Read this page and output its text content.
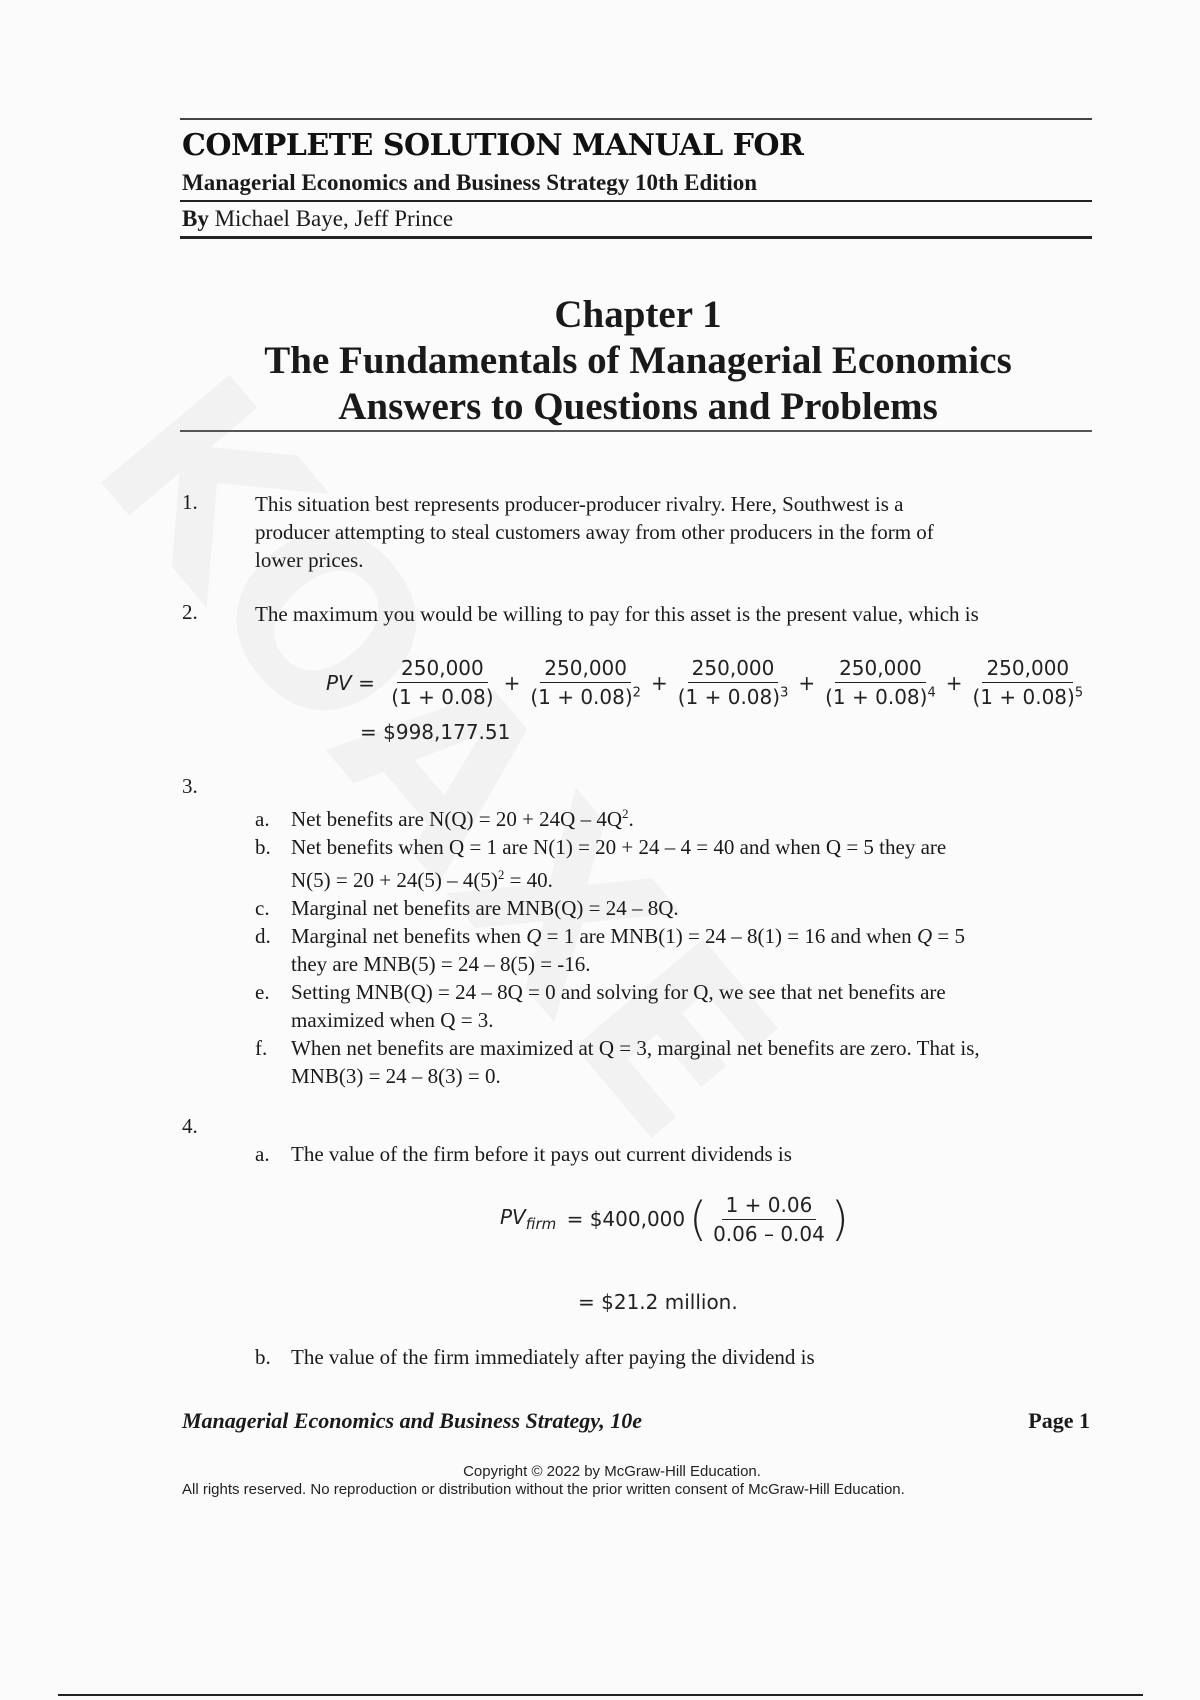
COMPLETE SOLUTION MANUAL FOR
Managerial Economics and Business Strategy 10th Edition
By Michael Baye, Jeff Prince
Chapter 1
The Fundamentals of Managerial Economics
Answers to Questions and Problems
1.	This situation best represents producer-producer rivalry. Here, Southwest is a
producer attempting to steal customers away from other producers in the form of
lower prices.
2.	The maximum you would be willing to pay for this asset is the present value, which is
PV = $\frac{250,000}{(1 + 0.08)} + \frac{250,000}{(1 + 0.08)^2} + \frac{250,000}{(1 + 0.08)^3} + \frac{250,000}{(1 + 0.08)^4} + \frac{250,000}{(1 + 0.08)^5}$
= $998,177.51
3.
a. Net benefits are $N(Q) = 20 + 24Q - 4Q^2$.
b. Net benefits when Q = 1 are N(1) = 20 + 24 – 4 = 40 and when Q = 5 they are
$N(5) = 20 + 24(5) - 4(5)^2 = 40$.
c. Marginal net benefits are MNB(Q) = 24 – 8Q.
d. Marginal net benefits when Q = 1 are MNB(1) = 24 – 8(1) = 16 and when Q = 5
they are MNB(5) = 24 – 8(5) = -16.
e. Setting MNB(Q) = 24 – 8Q = 0 and solving for Q, we see that net benefits are
maximized when Q = 3.
f. When net benefits are maximized at Q = 3, marginal net benefits are zero. That is,
MNB(3) = 24 – 8(3) = 0.
4.
a. The value of the firm before it pays out current dividends is
$PV_{firm}$ = $400,000( $\frac{1 + 0.06}{0.06 - 0.04}$ )
= $21.2 million.
b. The value of the firm immediately after paying the dividend is
Managerial Economics and Business Strategy, 10e	Page 1
Copyright © 2022 by McGraw-Hill Education.
All rights reserved. No reproduction or distribution without the prior written consent of McGraw-Hill Education.
